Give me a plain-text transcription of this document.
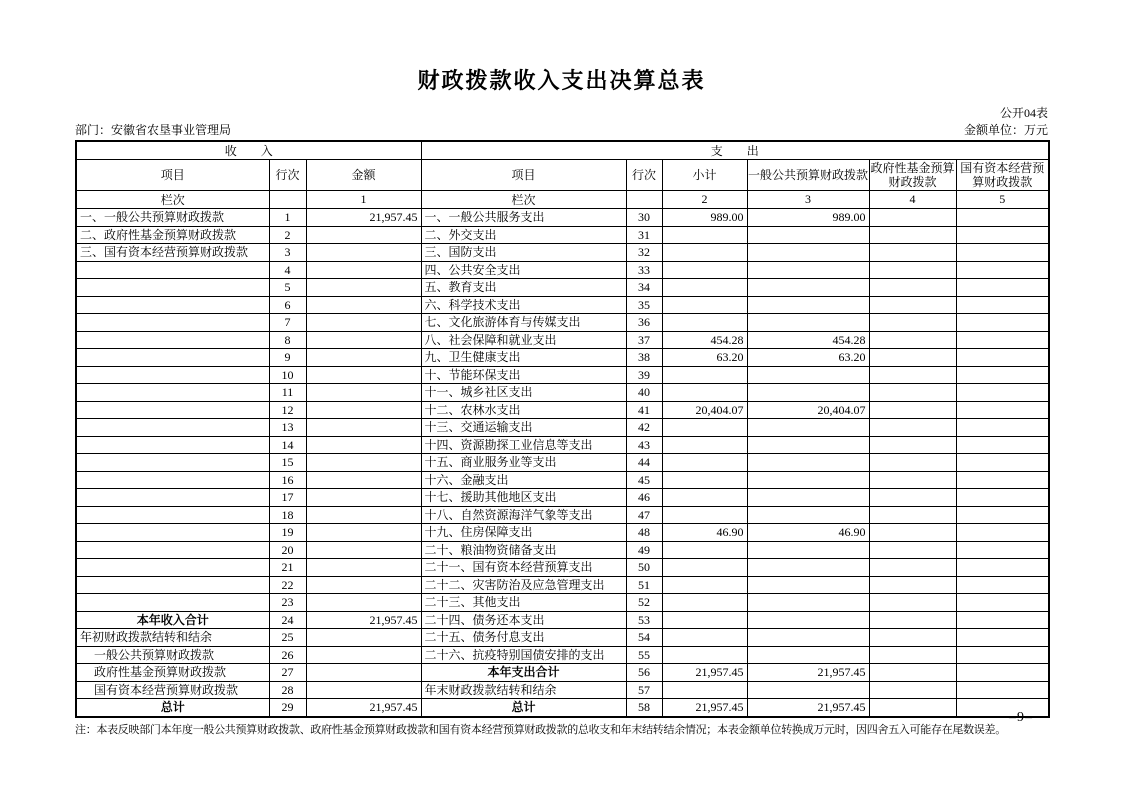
财政拨款收入支出决算总表
公开04表
部门：安徽省农垦事业管理局	金额单位：万元
收　　入			支　　出					
项目	行次	金额	项目	行次	小计	一般公共预算财政拨款	政府性基金预算财政拨款	国有资本经营预算财政拨款
栏次		1	栏次		2	3	4	5
一、一般公共预算财政拨款	1	21,957.45	一、一般公共服务支出	30	989.00	989.00		
二、政府性基金预算财政拨款	2		二、外交支出	31				
三、国有资本经营预算财政拨款	3		三、国防支出	32				
	4		四、公共安全支出	33				
	5		五、教育支出	34				
	6		六、科学技术支出	35				
	7		七、文化旅游体育与传媒支出	36				
	8		八、社会保障和就业支出	37	454.28	454.28		
	9		九、卫生健康支出	38	63.20	63.20		
	10		十、节能环保支出	39				
	11		十一、城乡社区支出	40				
	12		十二、农林水支出	41	20,404.07	20,404.07		
	13		十三、交通运输支出	42				
	14		十四、资源勘探工业信息等支出	43				
	15		十五、商业服务业等支出	44				
	16		十六、金融支出	45				
	17		十七、援助其他地区支出	46				
	18		十八、自然资源海洋气象等支出	47				
	19		十九、住房保障支出	48	46.90	46.90		
	20		二十、粮油物资储备支出	49				
	21		二十一、国有资本经营预算支出	50				
	22		二十二、灾害防治及应急管理支出	51				
	23		二十三、其他支出	52				
本年收入合计	24	21,957.45	二十四、债务还本支出	53				
年初财政拨款结转和结余	25		二十五、债务付息支出	54				
一般公共预算财政拨款	26		二十六、抗疫特别国债安排的支出	55				
政府性基金预算财政拨款	27		本年支出合计	56	21,957.45	21,957.45		
国有资本经营预算财政拨款	28		年末财政拨款结转和结余	57				
总计	29	21,957.45	总计	58	21,957.45	21,957.45		
注：本表反映部门本年度一般公共预算财政拨款、政府性基金预算财政拨款和国有资本经营预算财政拨款的总收支和年末结转结余情况；本表金额单位转换成万元时，因四舍五入可能存在尾数误差。
–9–
